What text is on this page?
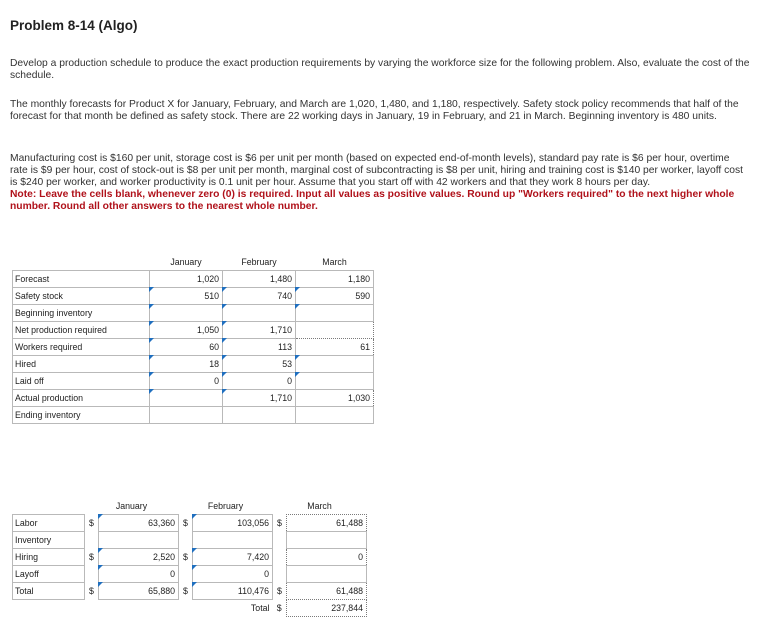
Problem 8-14 (Algo)
Develop a production schedule to produce the exact production requirements by varying the workforce size for the following problem. Also, evaluate the cost of the schedule.
The monthly forecasts for Product X for January, February, and March are 1,020, 1,480, and 1,180, respectively. Safety stock policy recommends that half of the forecast for that month be defined as safety stock. There are 22 working days in January, 19 in February, and 21 in March. Beginning inventory is 480 units.
Manufacturing cost is $160 per unit, storage cost is $6 per unit per month (based on expected end-of-month levels), standard pay rate is $6 per hour, overtime rate is $9 per hour, cost of stock-out is $8 per unit per month, marginal cost of subcontracting is $8 per unit, hiring and training cost is $140 per worker, layoff cost is $240 per worker, and worker productivity is 0.1 unit per hour. Assume that you start off with 42 workers and that they work 8 hours per day.
Note: Leave the cells blank, whenever zero (0) is required. Input all values as positive values. Round up "Workers required" to the next higher whole number. Round all other answers to the nearest whole number.
	January	February	March
Forecast	1,020	1,480	1,180
Safety stock	510	740	590
Beginning inventory			
Net production required	1,050	1,710	
Workers required	60	113	61
Hired	18	53	
Laid off	0	0	
Actual production		1,710	1,030
Ending inventory			
	January		February		March	
Labor	$	63,360	$	103,056	$	61,488
Inventory						
Hiring	$	2,520	$	7,420		0
Layoff		0		0		
Total	$	65,880	$	110,476	$	61,488
				Total	$	237,844
